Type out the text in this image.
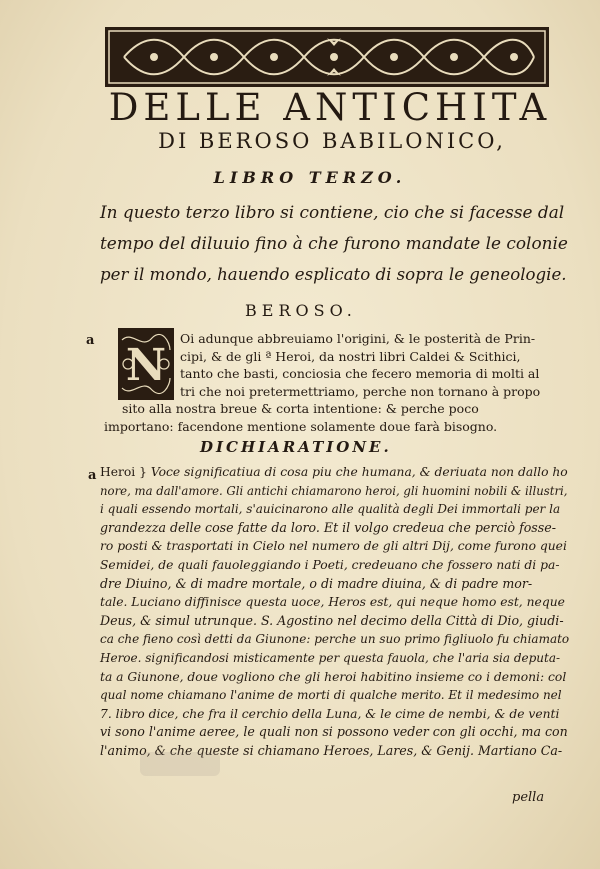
DELLE ANTICHITA
DI BEROSO BABILONICO,
LIBRO TERZO.
In questo terzo libro si contiene, cio che si facesse dal
tempo del diluuio fino à che furono mandate le colonie
per il mondo, hauendo esplicato di sopra le geneologie.
BEROSO.
a N
Oi adunque abbreuiamo l'origini, & le posterità de Prin-
cipi, & de gli ª Heroi, da nostri libri Caldei & Scithici,
tanto che basti, conciosia che fecero memoria di molti al
tri che noi pretermettriamo, perche non tornano à propo
sito alla nostra breue & corta intentione: & perche poco
importano: facendone mentione solamente doue farà bisogno.
DICHIARATIONE.
a Heroi } Voce significatiua di cosa piu che humana, & deriuata non dallo ho
nore, ma dall'amore. Gli antichi chiamarono heroi, gli huomini nobili & illustri,
i quali essendo mortali, s'auicinarono alle qualità degli Dei immortali per la
grandezza delle cose fatte da loro. Et il volgo credeua che perciò fosse-
ro posti & trasportati in Cielo nel numero de gli altri Dij, come furono quei
Semidei, de quali fauoleggiando i Poeti, credeuano che fossero nati di pa-
dre Diuino, & di madre mortale, o di madre diuina, & di padre mor-
tale. Luciano diffinisce questa uoce, Heros est, qui neque homo est, neque
Deus, & simul utrunque. S. Agostino nel decimo della Città di Dio, giudi-
ca che fieno così detti da Giunone: perche un suo primo figliuolo fu chiamato
Heroe. significandosi misticamente per questa fauola, che l'aria sia deputa-
ta a Giunone, doue vogliono che gli heroi habitino insieme co i demoni: col
qual nome chiamano l'anime de morti di qualche merito. Et il medesimo nel
7. libro dice, che fra il cerchio della Luna, & le cime de nembi, & de venti
vi sono l'anime aeree, le quali non si possono veder con gli occhi, ma con
l'animo, & che queste si chiamano Heroes, Lares, & Genij. Martiano Ca-
pella
